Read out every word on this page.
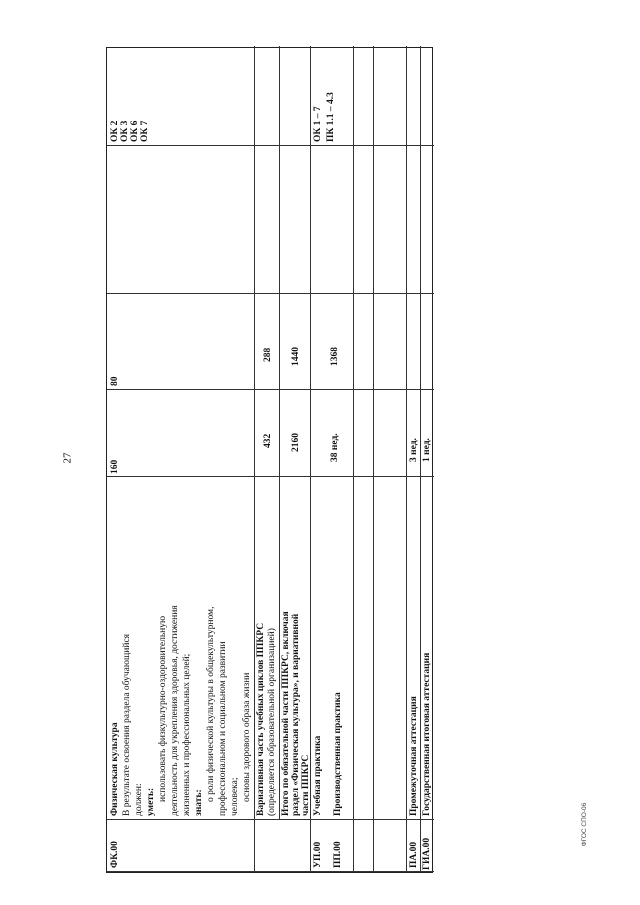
27
ФГОС СПО-06
ФК.00
Физическая культура В результате освоения раздела обучающийся должен: уметь: использовать физкультурно-оздоровительную деятельность для укрепления здоровья, достижения жизненных и профессиональных целей; знать:
о роли физической культуры в общекультурном, профессиональном и социальном развитии человека; основы здорового образа жизни
160
80
ОК 2 ОК 3 ОК 6 ОК 7
Вариативная часть учебных циклов ППКРС (определяется образовательной организацией)
432
288
Итого по обязательной части ППКРС, включая раздел «Физическая культура», и вариативной части ППКРС
2160
1440
УП.00
Учебная практика
38 нед.
1368
ОК 1 – 7 ПК 1.1 – 4.3
ПП.00
Производственная практика
ПА.00
Промежуточная аттестация
3 нед.
ГИА.00
Государственная итоговая аттестация
1 нед.
